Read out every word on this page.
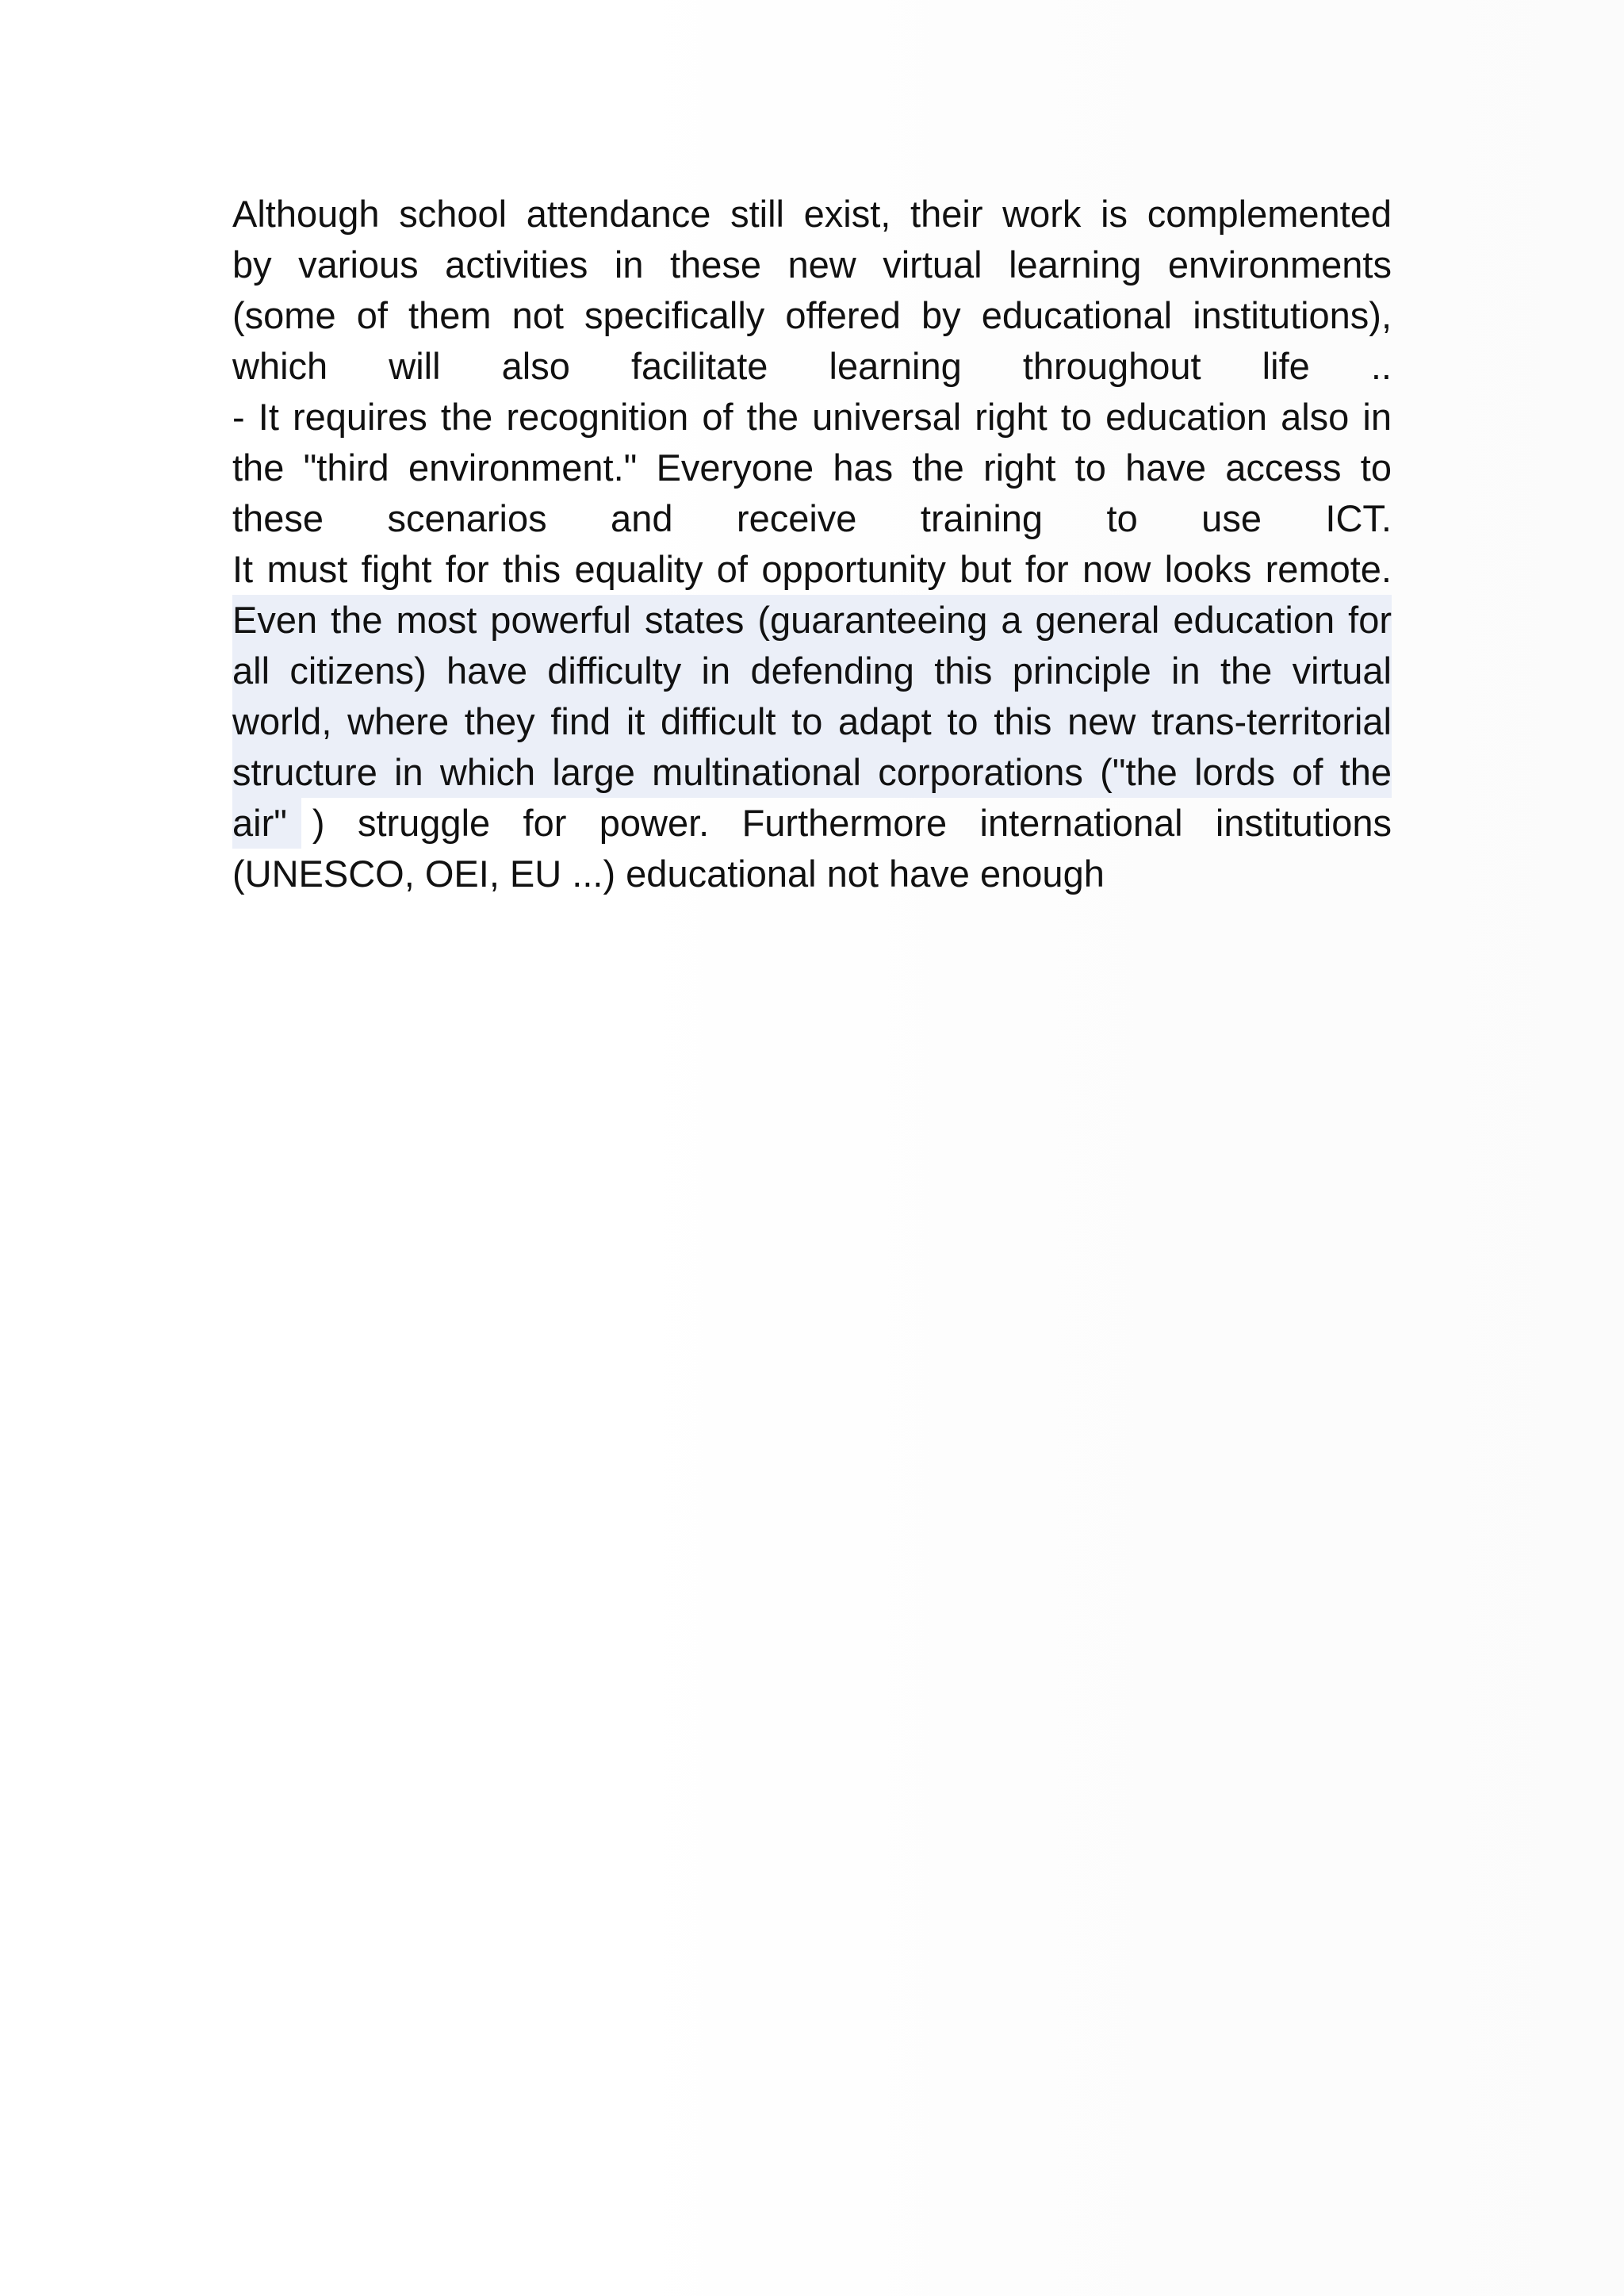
Although school attendance still exist, their work is complemented
by various activities in these new virtual learning environments
(some of them not specifically offered by educational institutions),
which will also facilitate learning throughout life ..
- It requires the recognition of the universal right to education also in
the "third environment." Everyone has the right to have access to
these scenarios and receive training to use ICT.
It must fight for this equality of opportunity but for now looks remote.
Even the most powerful states (guaranteeing a general education for
all citizens) have difficulty in defending this principle in the virtual
world, where they find it difficult to adapt to this new trans-territorial
structure in which large multinational corporations ("the lords of the
air" ) struggle for power. Furthermore international institutions
(UNESCO, OEI, EU ...) educational not have enough
